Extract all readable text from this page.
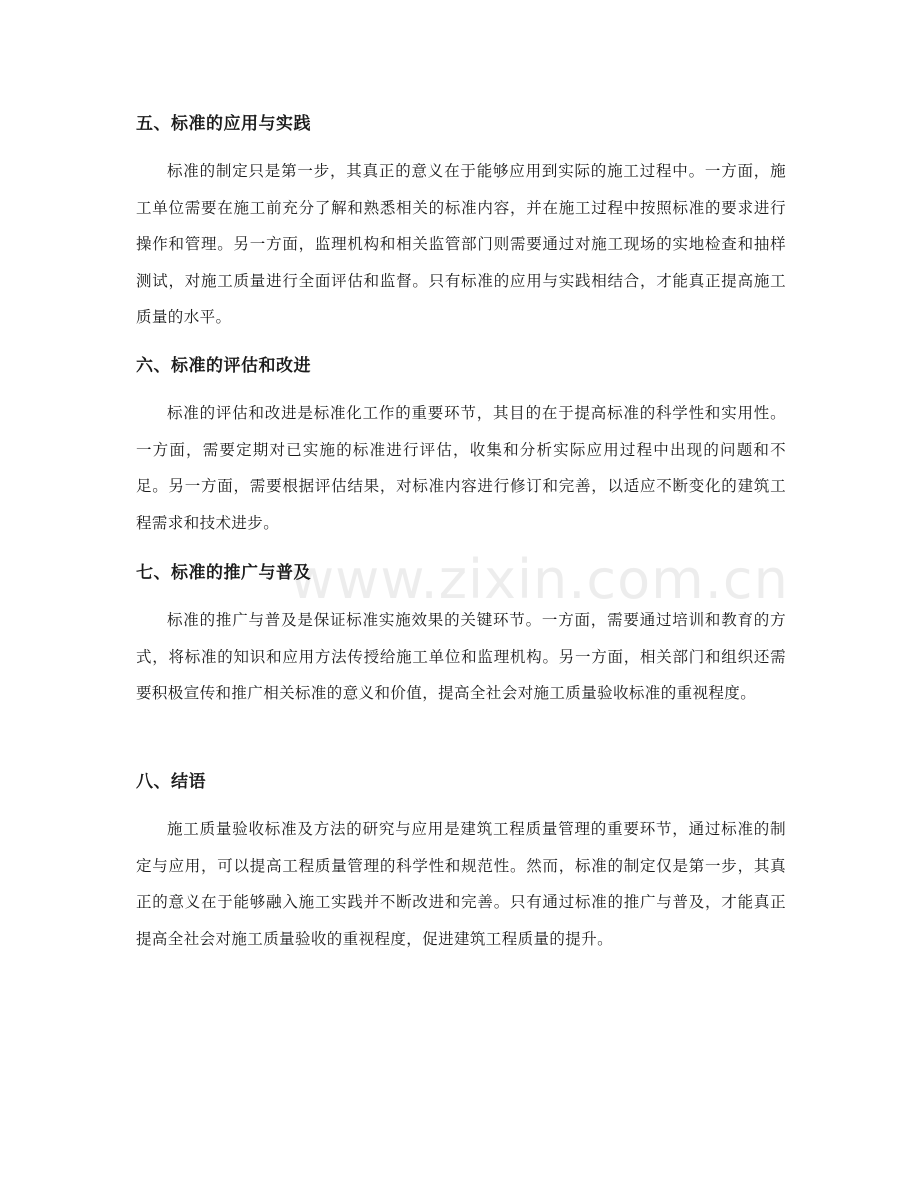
www.zixin.com.cn
五、标准的应用与实践

标准的制定只是第一步，其真正的意义在于能够应用到实际的施工过程中。一方面，施工单位需要在施工前充分了解和熟悉相关的标准内容，并在施工过程中按照标准的要求进行操作和管理。另一方面，监理机构和相关监管部门则需要通过对施工现场的实地检查和抽样测试，对施工质量进行全面评估和监督。只有标准的应用与实践相结合，才能真正提高施工质量的水平。

六、标准的评估和改进

标准的评估和改进是标准化工作的重要环节，其目的在于提高标准的科学性和实用性。一方面，需要定期对已实施的标准进行评估，收集和分析实际应用过程中出现的问题和不足。另一方面，需要根据评估结果，对标准内容进行修订和完善，以适应不断变化的建筑工程需求和技术进步。

七、标准的推广与普及

标准的推广与普及是保证标准实施效果的关键环节。一方面，需要通过培训和教育的方式，将标准的知识和应用方法传授给施工单位和监理机构。另一方面，相关部门和组织还需要积极宣传和推广相关标准的意义和价值，提高全社会对施工质量验收标准的重视程度。

八、结语

施工质量验收标准及方法的研究与应用是建筑工程质量管理的重要环节，通过标准的制定与应用，可以提高工程质量管理的科学性和规范性。然而，标准的制定仅是第一步，其真正的意义在于能够融入施工实践并不断改进和完善。只有通过标准的推广与普及，才能真正提高全社会对施工质量验收的重视程度，促进建筑工程质量的提升。
